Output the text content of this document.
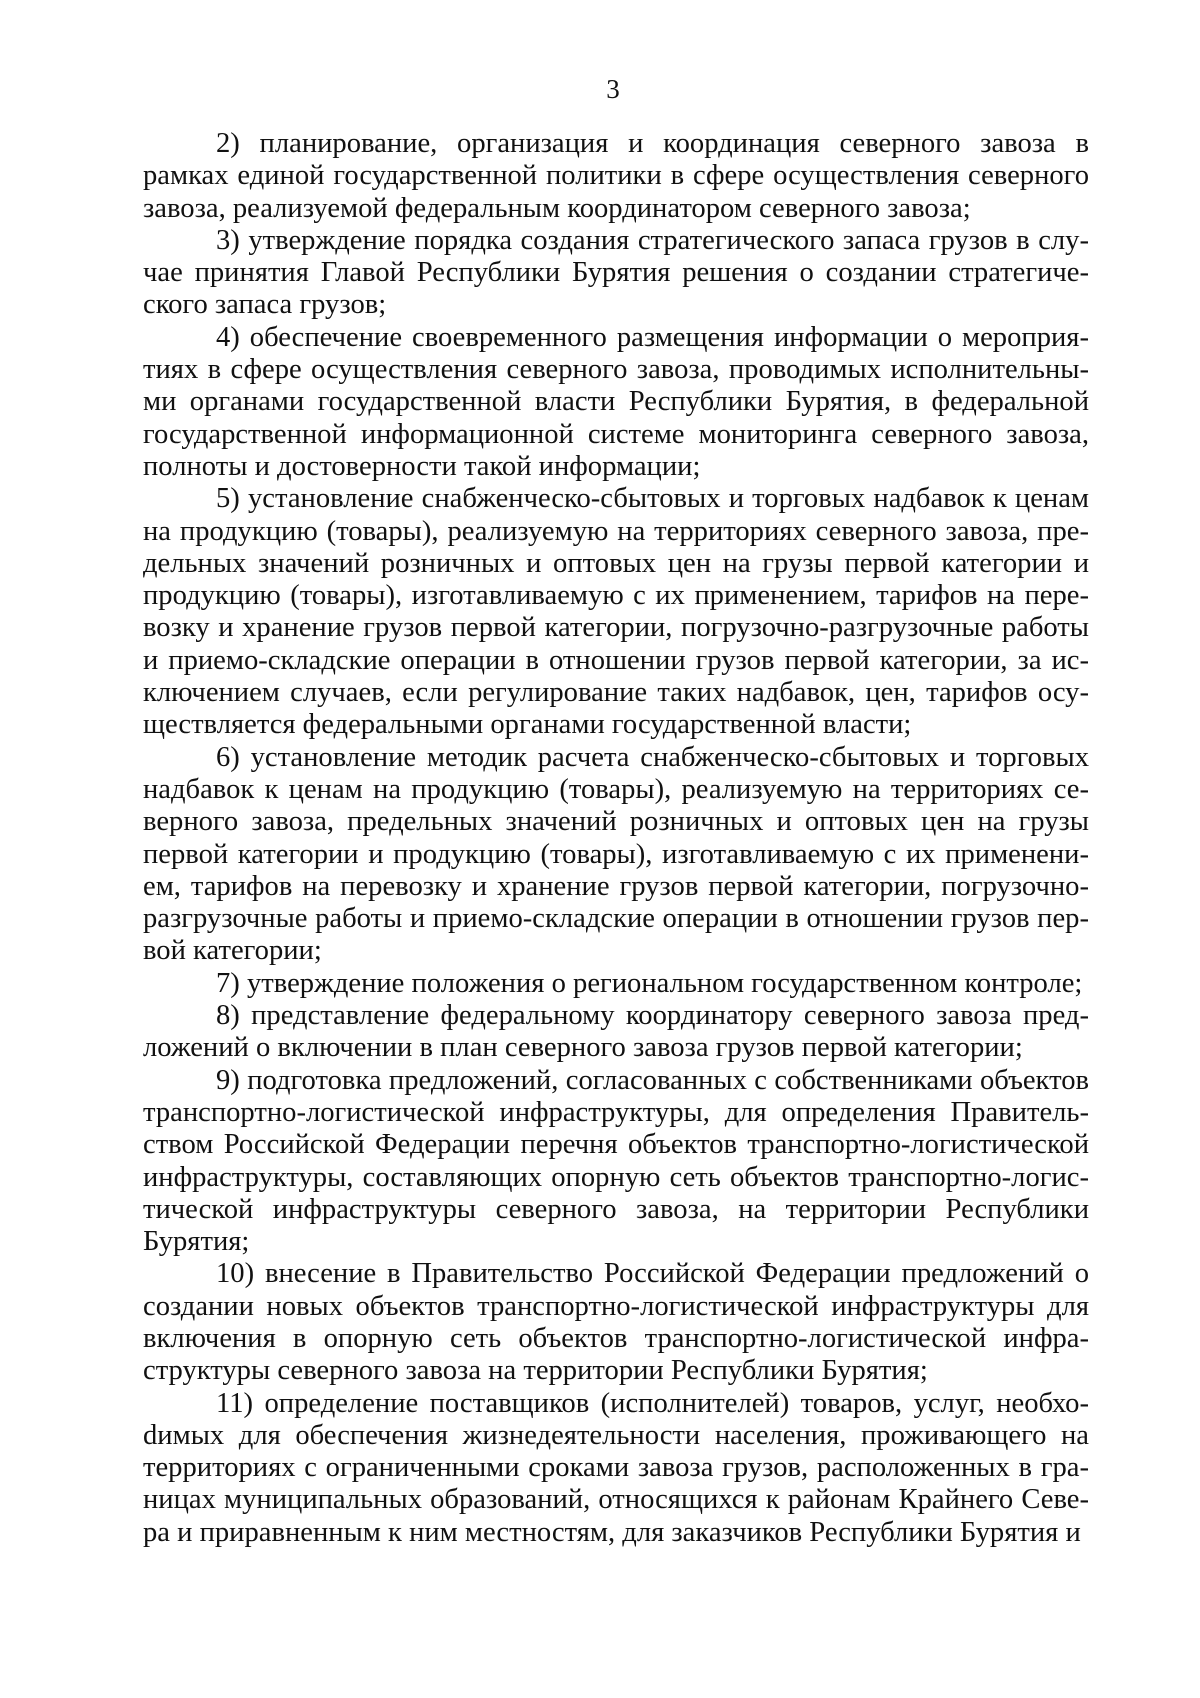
3

2) планирование, организация и координация северного завоза в рамках единой государственной политики в сфере осуществления северного завоза, реализуемой федеральным координатором северного завоза;

3) утверждение порядка создания стратегического запаса грузов в случае принятия Главой Республики Бурятия решения о создании стратегического запаса грузов;

4) обеспечение своевременного размещения информации о мероприятиях в сфере осуществления северного завоза, проводимых исполнительными органами государственной власти Республики Бурятия, в федеральной государственной информационной системе мониторинга северного завоза, полноты и достоверности такой информации;

5) установление снабженческо-сбытовых и торговых надбавок к ценам на продукцию (товары), реализуемую на территориях северного завоза, предельных значений розничных и оптовых цен на грузы первой категории и продукцию (товары), изготавливаемую с их применением, тарифов на перевозку и хранение грузов первой категории, погрузочно-разгрузочные работы и приемо-складские операции в отношении грузов первой категории, за исключением случаев, если регулирование таких надбавок, цен, тарифов осуществляется федеральными органами государственной власти;

6) установление методик расчета снабженческо-сбытовых и торговых надбавок к ценам на продукцию (товары), реализуемую на территориях северного завоза, предельных значений розничных и оптовых цен на грузы первой категории и продукцию (товары), изготавливаемую с их применением, тарифов на перевозку и хранение грузов первой категории, погрузочно-разгрузочные работы и приемо-складские операции в отношении грузов первой категории;

7) утверждение положения о региональном государственном контроле;

8) представление федеральному координатору северного завоза предложений о включении в план северного завоза грузов первой категории;

9) подготовка предложений, согласованных с собственниками объектов транспортно-логистической инфраструктуры, для определения Правительством Российской Федерации перечня объектов транспортно-логистической инфраструктуры, составляющих опорную сеть объектов транспортно-логистической инфраструктуры северного завоза, на территории Республики Бурятия;

10) внесение в Правительство Российской Федерации предложений о создании новых объектов транспортно-логистической инфраструктуры для включения в опорную сеть объектов транспортно-логистической инфраструктуры северного завоза на территории Республики Бурятия;

11) определение поставщиков (исполнителей) товаров, услуг, необхоdимых для обеспечения жизнедеятельности населения, проживающего на территориях с ограниченными сроками завоза грузов, расположенных в границах муниципальных образований, относящихся к районам Крайнего Севера и приравненным к ним местностям, для заказчиков Республики Бурятия и
